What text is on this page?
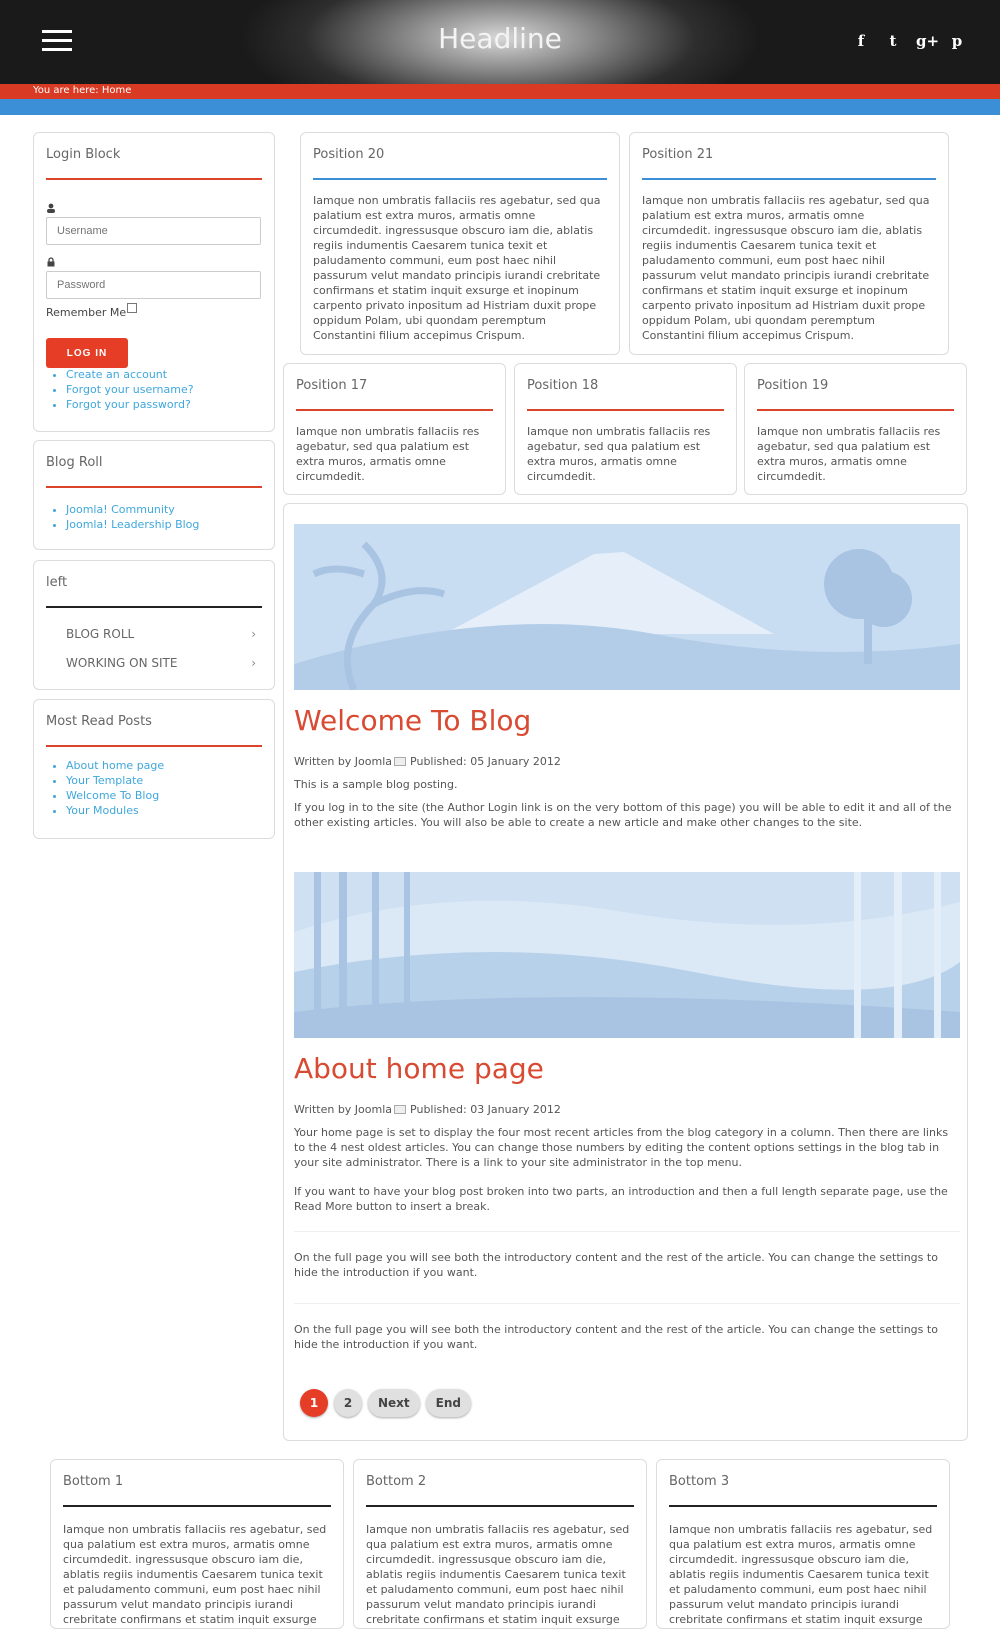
Headline	f	t	g+ p
You are here: Home
Login Block
Username
Password
Remember Me
LOG IN
• Create an account
• Forgot your username?
• Forgot your password?
Blog Roll
• Joomla! Community
• Joomla! Leadership Blog
left
BLOG ROLL	›
WORKING ON SITE	›
Most Read Posts
• About home page
• Your Template
• Welcome To Blog
• Your Modules
Position 20
Iamque non umbratis fallaciis res agebatur, sed qua palatium est extra muros, armatis omne circumdedit. ingressusque obscuro iam die, ablatis regiis indumentis Caesarem tunica texit et paludamento communi, eum post haec nihil passurum velut mandato principis iurandi crebritate confirmans et statim inquit exsurge et inopinum carpento privato inpositum ad Histriam duxit prope oppidum Polam, ubi quondam peremptum Constantini filium accepimus Crispum.
Position 21
Iamque non umbratis fallaciis res agebatur, sed qua palatium est extra muros, armatis omne circumdedit. ingressusque obscuro iam die, ablatis regiis indumentis Caesarem tunica texit et paludamento communi, eum post haec nihil passurum velut mandato principis iurandi crebritate confirmans et statim inquit exsurge et inopinum carpento privato inpositum ad Histriam duxit prope oppidum Polam, ubi quondam peremptum Constantini filium accepimus Crispum.
Position 17
Iamque non umbratis fallaciis res agebatur, sed qua palatium est extra muros, armatis omne circumdedit.
Position 18
Iamque non umbratis fallaciis res agebatur, sed qua palatium est extra muros, armatis omne circumdedit.
Position 19
Iamque non umbratis fallaciis res agebatur, sed qua palatium est extra muros, armatis omne circumdedit.
Welcome To Blog
Written by Joomla Published: 05 January 2012
This is a sample blog posting.
If you log in to the site (the Author Login link is on the very bottom of this page) you will be able to edit it and all of the other existing articles. You will also be able to create a new article and make other changes to the site.
About home page
Written by Joomla Published: 03 January 2012
Your home page is set to display the four most recent articles from the blog category in a column. Then there are links to the 4 nest oldest articles. You can change those numbers by editing the content options settings in the blog tab in your site administrator. There is a link to your site administrator in the top menu.
If you want to have your blog post broken into two parts, an introduction and then a full length separate page, use the Read More button to insert a break.
On the full page you will see both the introductory content and the rest of the article. You can change the settings to hide the introduction if you want.
On the full page you will see both the introductory content and the rest of the article. You can change the settings to hide the introduction if you want.
1	2	Next	End
Bottom 1
Iamque non umbratis fallaciis res agebatur, sed qua palatium est extra muros, armatis omne circumdedit. ingressusque obscuro iam die, ablatis regiis indumentis Caesarem tunica texit et paludamento communi, eum post haec nihil passurum velut mandato principis iurandi crebritate confirmans et statim inquit exsurge
Bottom 2
Iamque non umbratis fallaciis res agebatur, sed qua palatium est extra muros, armatis omne circumdedit. ingressusque obscuro iam die, ablatis regiis indumentis Caesarem tunica texit et paludamento communi, eum post haec nihil passurum velut mandato principis iurandi crebritate confirmans et statim inquit exsurge
Bottom 3
Iamque non umbratis fallaciis res agebatur, sed qua palatium est extra muros, armatis omne circumdedit. ingressusque obscuro iam die, ablatis regiis indumentis Caesarem tunica texit et paludamento communi, eum post haec nihil passurum velut mandato principis iurandi crebritate confirmans et statim inquit exsurge
